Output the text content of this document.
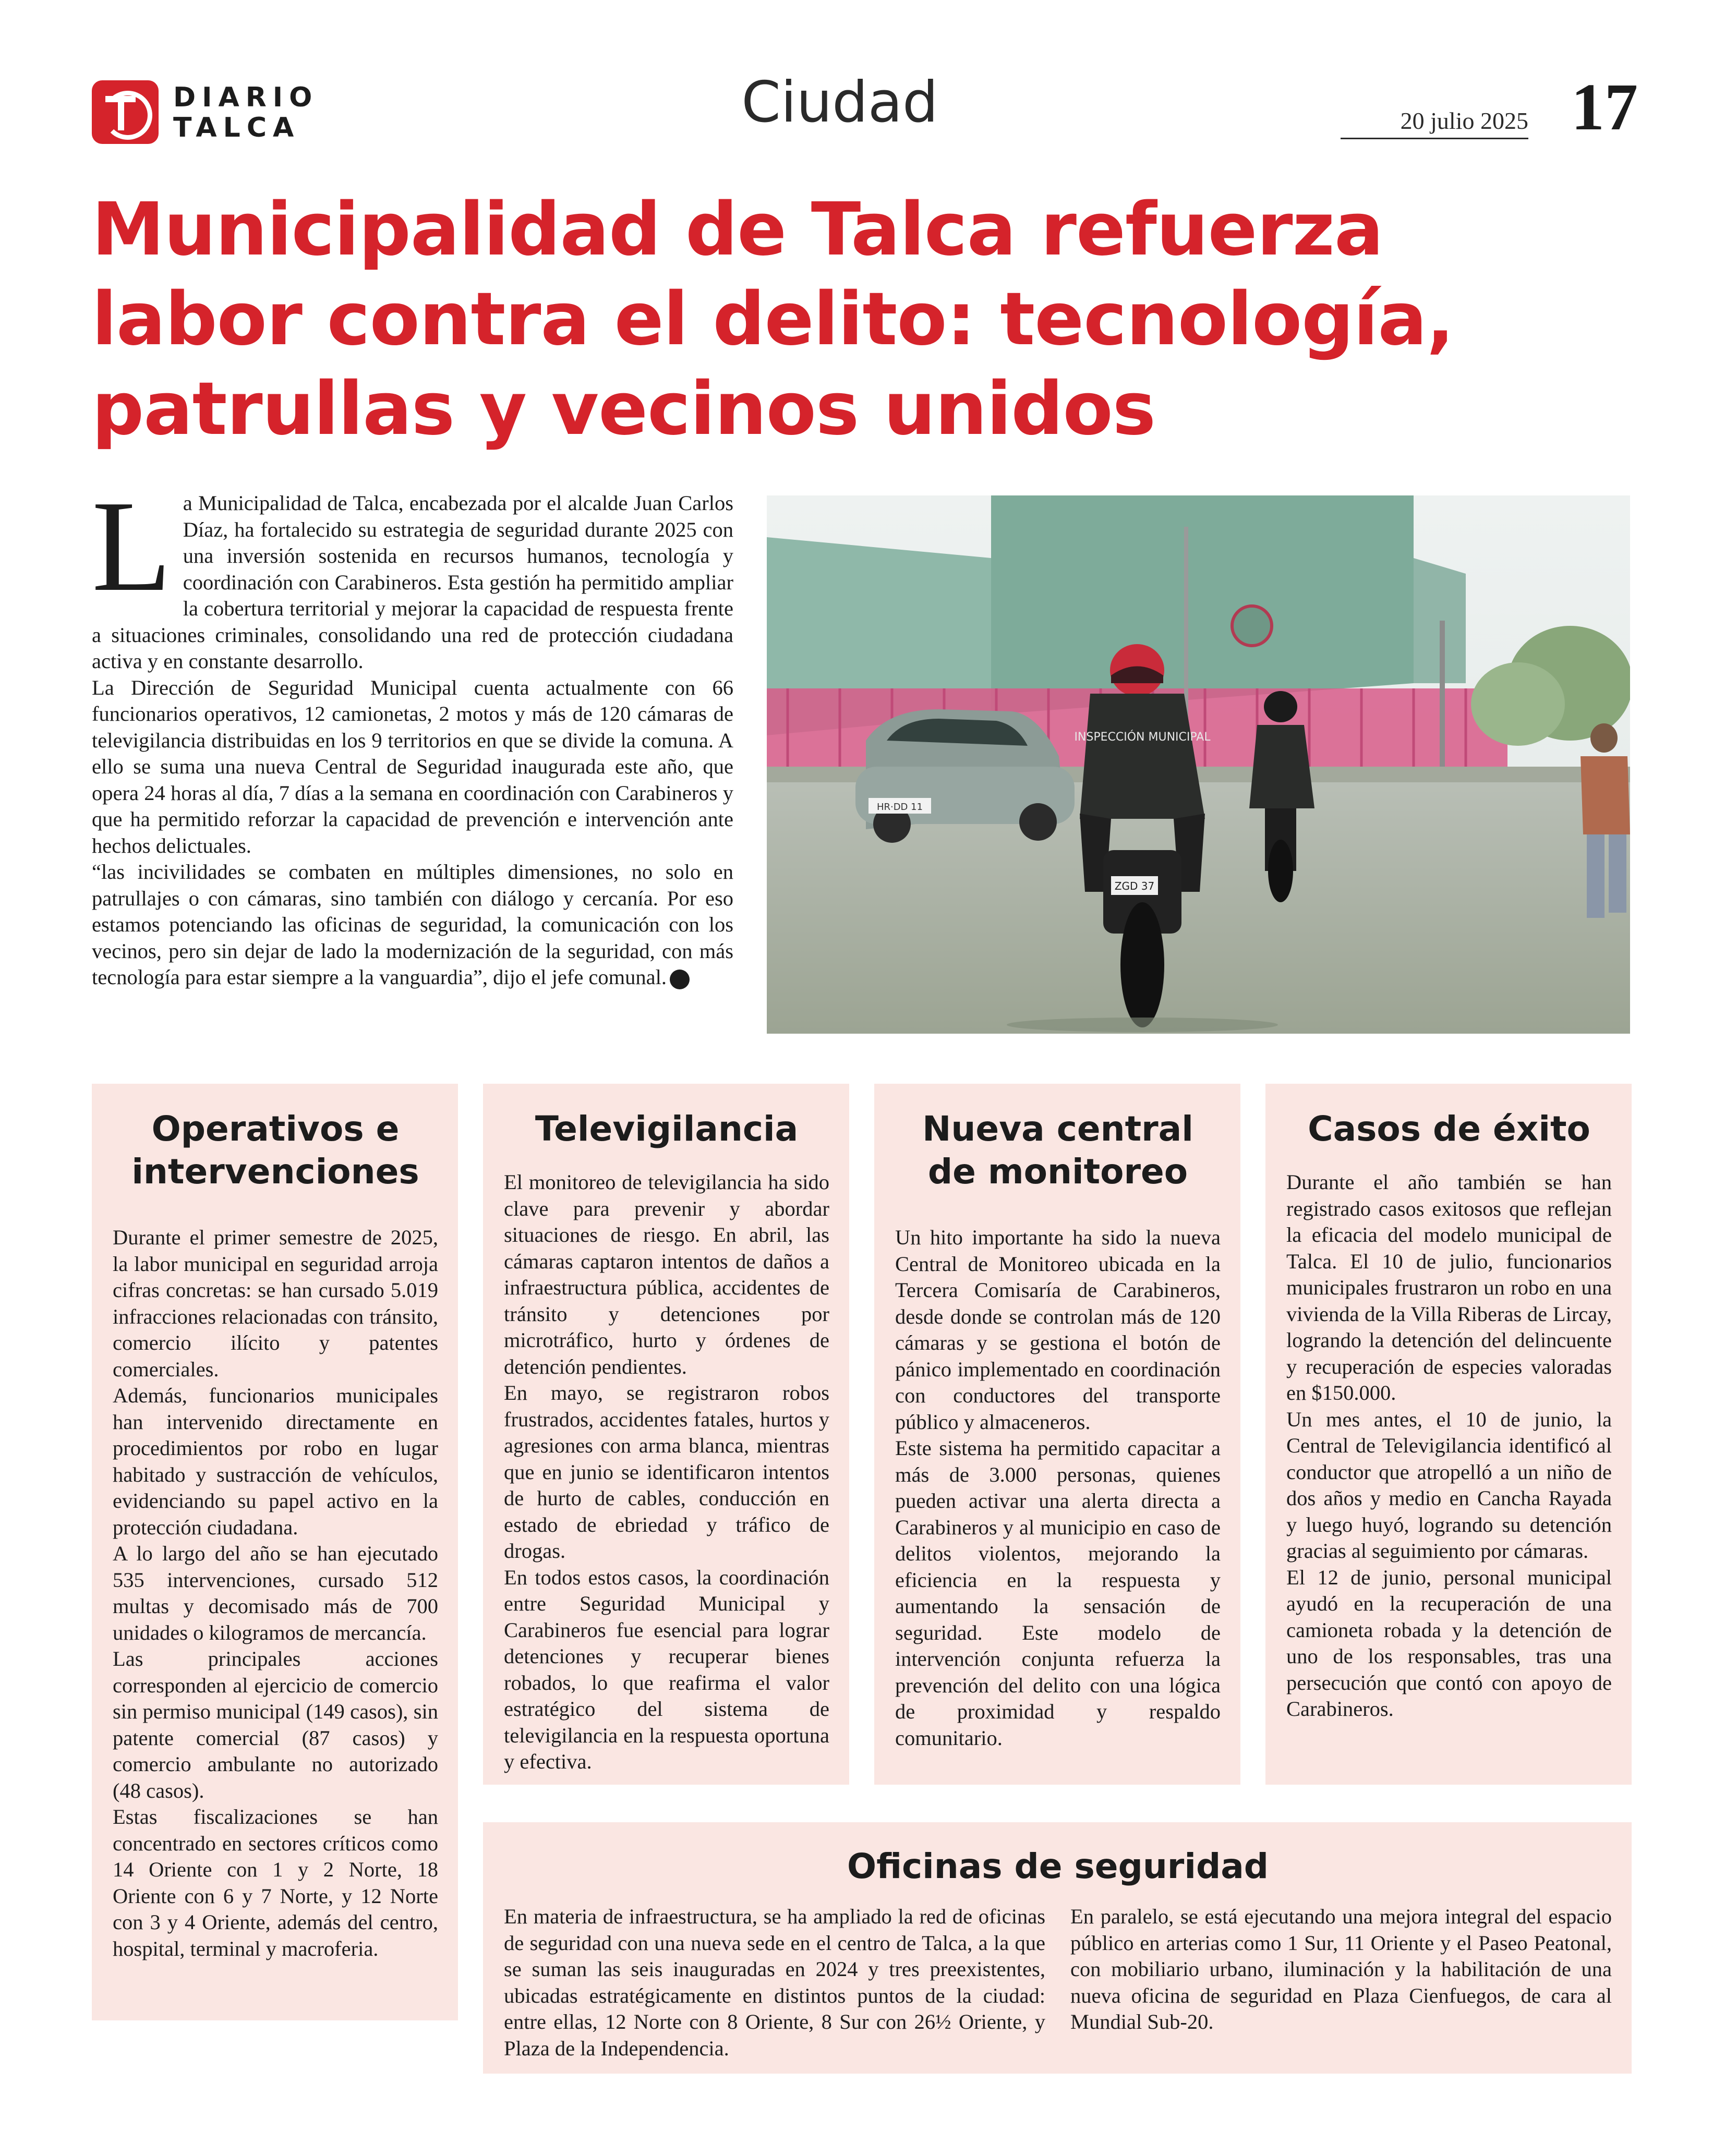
DIARIO
TALCA	Ciudad	20 julio 2025 17
Municipalidad de Talca refuerza
labor contra el delito: tecnología,
patrullas y vecinos unidos
L a Municipalidad de Talca, encabezada por el alcalde Juan Carlos Díaz, ha fortalecido su estrategia de seguridad durante 2025 con una inversión sostenida en recursos humanos, tecnología y coordinación con Carabineros. Esta gestión ha permitido ampliar la cobertura territorial y mejorar la capacidad de respuesta frente a situaciones criminales, consolidando una red de protección ciudadana activa y en constante desarrollo.

La Dirección de Seguridad Municipal cuenta actualmente con 66 funcionarios operativos, 12 camionetas, 2 motos y más de 120 cámaras de televigilancia distribuidas en los 9 territorios en que se divide la comuna. A ello se suma una nueva Central de Seguridad inaugurada este año, que opera 24 horas al día, 7 días a la semana en coordinación con Carabineros y que ha permitido reforzar la capacidad de prevención e intervención ante hechos delictuales.

“las incivilidades se combaten en múltiples dimensiones, no solo en patrullajes o con cámaras, sino también con diálogo y cercanía. Por eso estamos potenciando las oficinas de seguridad, la comunicación con los vecinos, pero sin dejar de lado la modernización de la seguridad, con más tecnología para estar siempre a la vanguardia”, dijo el jefe comunal.

HR·DD 11
INSPECCIÓN MUNICIPAL
ZGD 37
Operativos e intervenciones

Durante el primer semestre de 2025, la labor municipal en seguridad arroja cifras concretas: se han cursado 5.019 infracciones relacionadas con tránsito, comercio ilícito y patentes comerciales.

Además, funcionarios municipales han intervenido directamente en procedimientos por robo en lugar habitado y sustracción de vehículos, evidenciando su papel activo en la protección ciudadana.

A lo largo del año se han ejecutado 535 intervenciones, cursado 512 multas y decomisado más de 700 unidades o kilogramos de mercancía.

Las principales acciones corresponden al ejercicio de comercio sin permiso municipal (149 casos), sin patente comercial (87 casos) y comercio ambulante no autorizado (48 casos).

Estas fiscalizaciones se han concentrado en sectores críticos como 14 Oriente con 1 y 2 Norte, 18 Oriente con 6 y 7 Norte, y 12 Norte con 3 y 4 Oriente, además del centro, hospital, terminal y macroferia.

Televigilancia

El monitoreo de televigilancia ha sido clave para prevenir y abordar situaciones de riesgo. En abril, las cámaras captaron intentos de daños a infraestructura pública, accidentes de tránsito y detenciones por microtráfico, hurto y órdenes de detención pendientes.

En mayo, se registraron robos frustrados, accidentes fatales, hurtos y agresiones con arma blanca, mientras que en junio se identificaron intentos de hurto de cables, conducción en estado de ebriedad y tráfico de drogas.

En todos estos casos, la coordinación entre Seguridad Municipal y Carabineros fue esencial para lograr detenciones y recuperar bienes robados, lo que reafirma el valor estratégico del sistema de televigilancia en la respuesta oportuna y efectiva.

Nueva central de monitoreo

Un hito importante ha sido la nueva Central de Monitoreo ubicada en la Tercera Comisaría de Carabineros, desde donde se controlan más de 120 cámaras y se gestiona el botón de pánico implementado en coordinación con conductores del transporte público y almaceneros.

Este sistema ha permitido capacitar a más de 3.000 personas, quienes pueden activar una alerta directa a Carabineros y al municipio en caso de delitos violentos, mejorando la eficiencia en la respuesta y aumentando la sensación de seguridad. Este modelo de intervención conjunta refuerza la prevención del delito con una lógica de proximidad y respaldo comunitario.

Casos de éxito

Durante el año también se han registrado casos exitosos que reflejan la eficacia del modelo municipal de Talca. El 10 de julio, funcionarios municipales frustraron un robo en una vivienda de la Villa Riberas de Lircay, logrando la detención del delincuente y recuperación de especies valoradas en $150.000.

Un mes antes, el 10 de junio, la Central de Televigilancia identificó al conductor que atropelló a un niño de dos años y medio en Cancha Rayada y luego huyó, logrando su detención gracias al seguimiento por cámaras.

El 12 de junio, personal municipal ayudó en la recuperación de una camioneta robada y la detención de uno de los responsables, tras una persecución que contó con apoyo de Carabineros.

Oficinas de seguridad

En materia de infraestructura, se ha ampliado la red de oficinas de seguridad con una nueva sede en el centro de Talca, a la que se suman las seis inauguradas en 2024 y tres preexistentes, ubicadas estratégicamente en distintos puntos de la ciudad: entre ellas, 12 Norte con 8 Oriente, 8 Sur con 26½ Oriente, y Plaza de la Independencia.

En paralelo, se está ejecutando una mejora integral del espacio público en arterias como 1 Sur, 11 Oriente y el Paseo Peatonal, con mobiliario urbano, iluminación y la habilitación de una nueva oficina de seguridad en Plaza Cienfuegos, de cara al Mundial Sub-20.
